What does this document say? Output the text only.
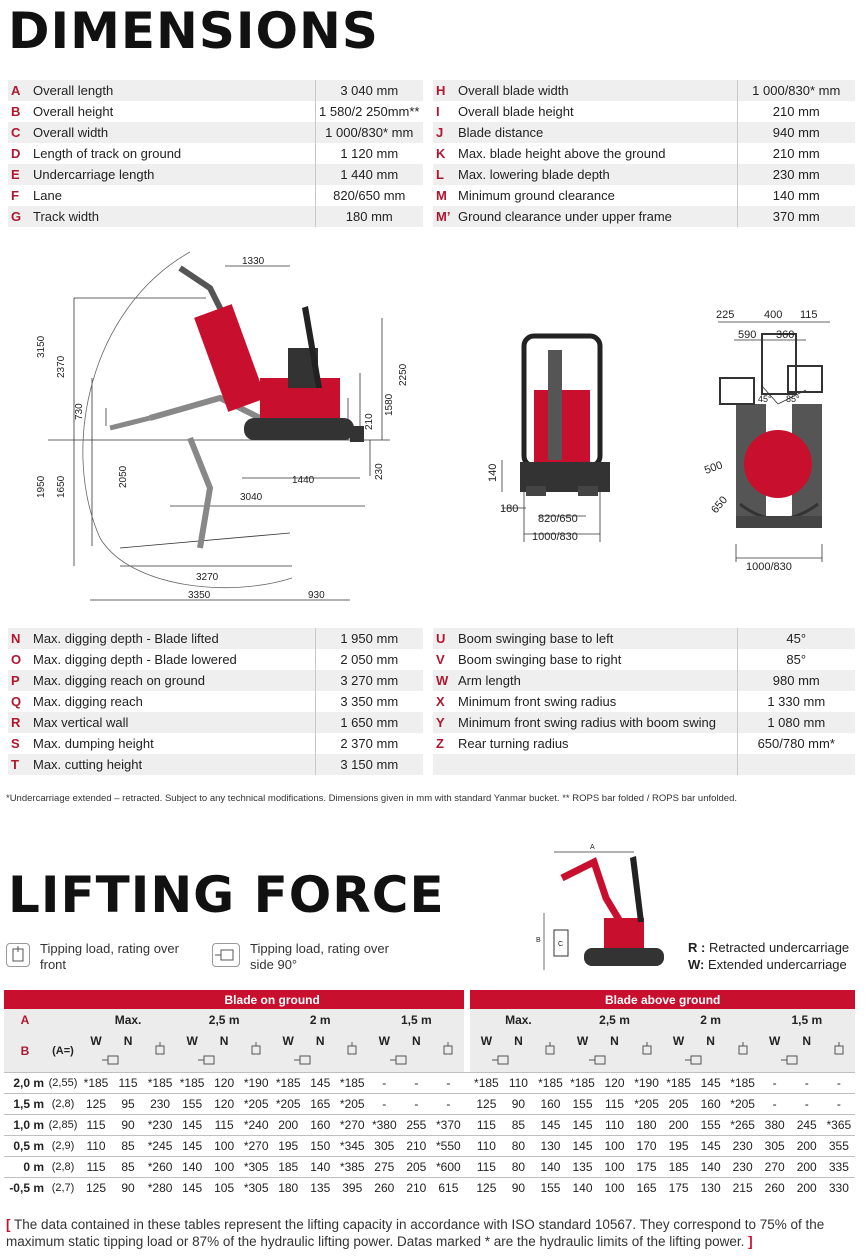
DIMENSIONS
A	Overall length	3 040 mm
B	Overall height	1 580/2 250mm**
C	Overall width	1 000/830* mm
D	Length of track on ground	1 120 mm
E	Undercarriage length	1 440 mm
F	Lane	820/650 mm
G	Track width	180 mm
H	Overall blade width	1 000/830* mm
I	Overall blade height	210 mm
J	Blade distance	940 mm
K	Max. blade height above the ground	210 mm
L	Max. lowering blade depth	230 mm
M	Minimum ground clearance	140 mm
M’	Ground clearance under upper frame	370 mm
1330
3150
2370
730	1580
2250
210
230
1440
3040
2050
1950 1650
3270
3350	930
140
180
820/650
1000/830
225	400 115
590 360
45° 85°
500
650
1000/830
N	Max. digging depth - Blade lifted	1 950 mm
O	Max. digging depth - Blade lowered	2 050 mm
P	Max. digging reach on ground	3 270 mm
Q	Max. digging reach	3 350 mm
R	Max vertical wall	1 650 mm
S	Max. dumping height	2 370 mm
T	Max. cutting height	3 150 mm
U	Boom swinging base to left	45°
V	Boom swinging base to right	85°
W	Arm length	980 mm
X	Minimum front swing radius	1 330 mm
Y	Minimum front swing radius with boom swing	1 080 mm
Z	Rear turning radius	650/780 mm*

*Undercarriage extended – retracted. Subject to any technical modifications. Dimensions given in mm with standard Yanmar bucket. ** ROPS bar folded / ROPS bar unfolded.
LIFTING FORCE
A
B
C
Tipping load, rating over front
Tipping load, rating over side 90°
R : Retracted undercarriage
W: Extended undercarriage
		Blade on ground													Blade above ground											
A		Max.			2,5 m			2 m			1,5 m				Max.			2,5 m			2 m			1,5 m		
B	(A=)	W	N		W	N		W	N		W	N			W	N		W	N		W	N		W	N	

2,0 m	(2,55)	*185	115	*185	*185	120	*190	*185	145	*185	-	-	-		*185	110	*185	*185	120	*190	*185	145	*185	-	-	-
1,5 m	(2,8)	125	95	230	155	120	*205	*205	165	*205	-	-	-		125	90	160	155	115	*205	205	160	*205	-	-	-
1,0 m	(2,85)	115	90	*230	145	115	*240	200	160	*270	*380	255	*370		115	85	145	145	110	180	200	155	*265	380	245	*365
0,5 m	(2,9)	110	85	*245	145	100	*270	195	150	*345	305	210	*550		110	80	130	145	100	170	195	145	230	305	200	355
0 m	(2,8)	115	85	*260	140	100	*305	185	140	*385	275	205	*600		115	80	140	135	100	175	185	140	230	270	200	335
-0,5 m	(2,7)	125	90	*280	145	105	*305	180	135	395	260	210	615		125	90	155	140	100	165	175	130	215	260	200	330
[ The data contained in these tables represent the lifting capacity in accordance with ISO standard 10567. They correspond to 75% of the maximum static tipping load or 87% of the hydraulic lifting power. Datas marked * are the hydraulic limits of the lifting power. ]
